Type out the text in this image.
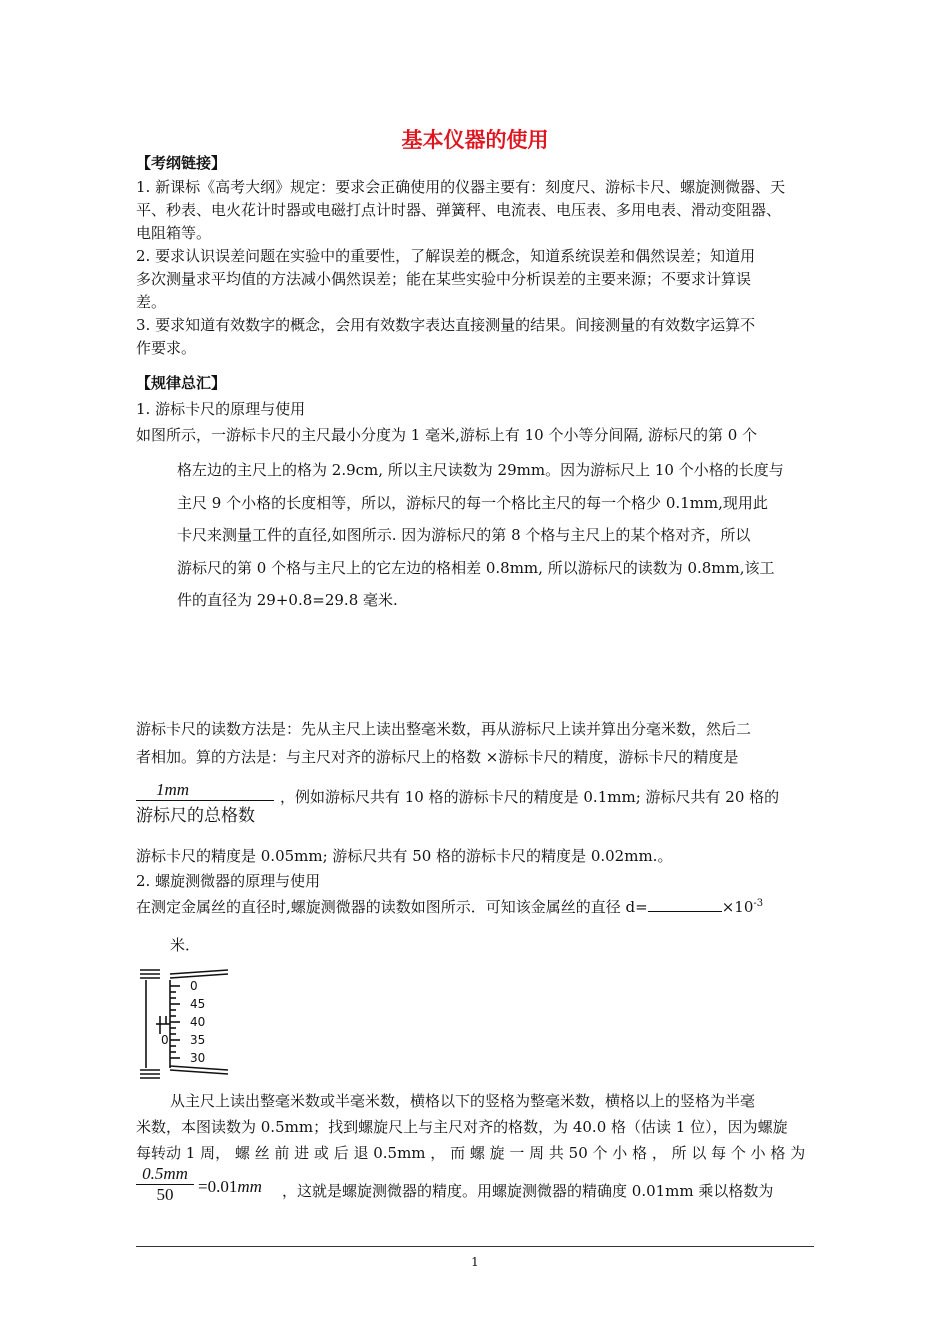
基本仪器的使用
【考纲链接】
1. 新课标《高考大纲》规定：要求会正确使用的仪器主要有：刻度尺、游标卡尺、螺旋测微器、天
平、秒表、电火花计时器或电磁打点计时器、弹簧秤、电流表、电压表、多用电表、滑动变阻器、
电阻箱等。
2. 要求认识误差问题在实验中的重要性，了解误差的概念，知道系统误差和偶然误差；知道用
多次测量求平均值的方法减小偶然误差；能在某些实验中分析误差的主要来源；不要求计算误
差。
3. 要求知道有效数字的概念，会用有效数字表达直接测量的结果。间接测量的有效数字运算不
作要求。
【规律总汇】
1. 游标卡尺的原理与使用
如图所示，一游标卡尺的主尺最小分度为 1 毫米,游标上有 10 个小等分间隔, 游标尺的第 0 个
格左边的主尺上的格为 2.9cm, 所以主尺读数为 29mm。因为游标尺上 10 个小格的长度与
主尺 9 个小格的长度相等，所以，游标尺的每一个格比主尺的每一个格少 0.1mm,现用此
卡尺来测量工件的直径,如图所示. 因为游标尺的第 8 个格与主尺上的某个格对齐，所以
游标尺的第 0 个格与主尺上的它左边的格相差 0.8mm, 所以游标尺的读数为 0.8mm,该工
件的直径为 29+0.8=29.8 毫米.
游标卡尺的读数方法是：先从主尺上读出整毫米数，再从游标尺上读并算出分毫米数，然后二
者相加。算的方法是：与主尺对齐的游标尺上的格数 ×游标卡尺的精度，游标卡尺的精度是
1mm
游标尺的总格数
，例如游标尺共有 10 格的游标卡尺的精度是 0.1mm; 游标尺共有 20 格的
游标卡尺的精度是 0.05mm; 游标尺共有 50 格的游标卡尺的精度是 0.02mm.。
2. 螺旋测微器的原理与使用
在测定金属丝的直径时,螺旋测微器的读数如图所示．可知该金属丝的直径 d=	$\times 10^{-3}$
米．
0
0
45
40
35
30
从主尺上读出整毫米数或半毫米数，横格以下的竖格为整毫米数，横格以上的竖格为半毫
米数，本图读数为 0.5mm；找到螺旋尺上与主尺对齐的格数，为 40.0 格（估读 1 位），因为螺旋
每转动 1 周， 螺 丝 前 进 或 后 退 0.5mm ， 而 螺 旋 一 周 共 50 个 小 格 ， 所 以 每 个 小 格 为
0.5mm
50	=0.01mm ，这就是螺旋测微器的精度。用螺旋测微器的精确度 0.01mm 乘以格数为
1
